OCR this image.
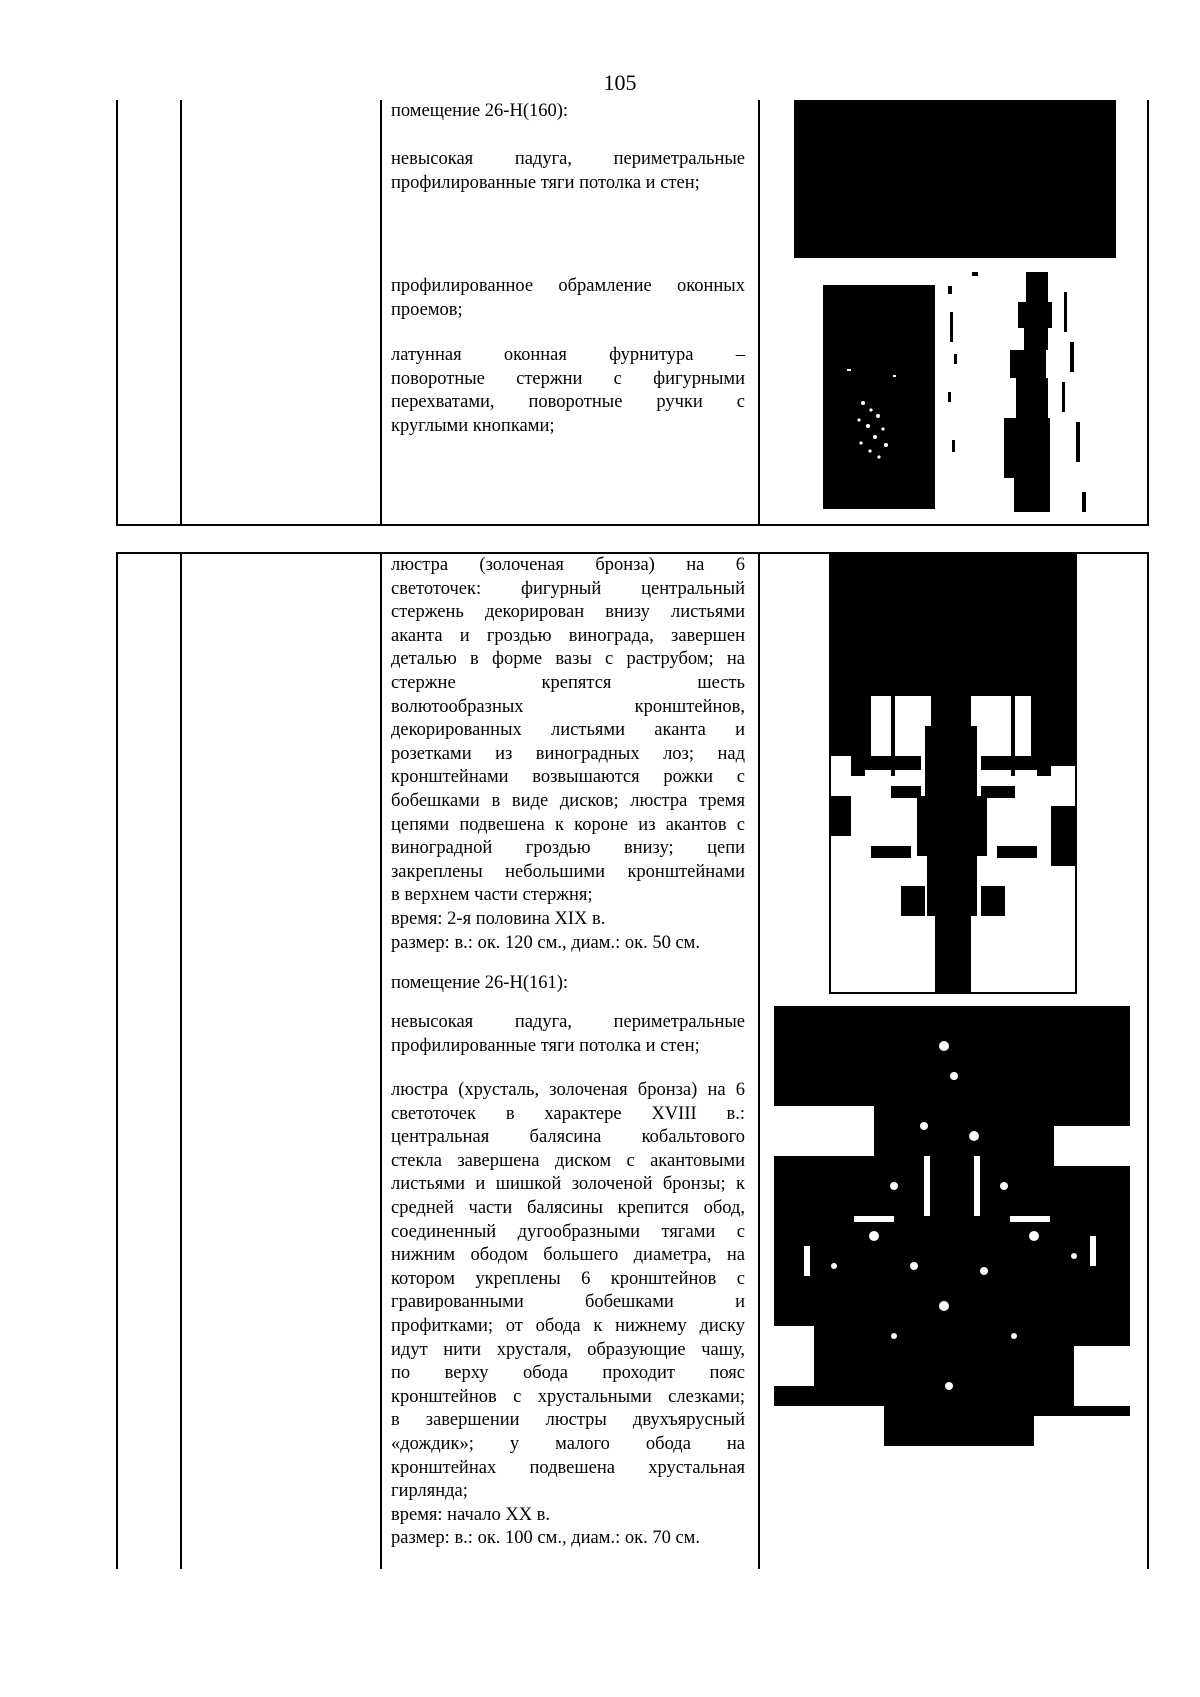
105
помещение 26-Н(160):

невысокая падуга, периметральные

профилированные тяги потолка и стен;

профилированное обрамление оконных

проемов;

латунная оконная фурнитура –

поворотные стержни с фигурными

перехватами, поворотные ручки с

круглыми кнопками;

люстра (золоченая бронза) на 6

светоточек: фигурный центральный

стержень декорирован внизу листьями

аканта и гроздью винограда, завершен

деталью в форме вазы с раструбом; на

стержне крепятся шесть

волютообразных кронштейнов,

декорированных листьями аканта и

розетками из виноградных лоз; над

кронштейнами возвышаются рожки с

бобешками в виде дисков; люстра тремя

цепями подвешена к короне из акантов с

виноградной гроздью внизу; цепи

закреплены небольшими кронштейнами

в верхнем части стержня;

время: 2-я половина XIX в.

размер: в.: ок. 120 см., диам.: ок. 50 см.

помещение 26-Н(161):

невысокая падуга, периметральные

профилированные тяги потолка и стен;

люстра (хрусталь, золоченая бронза) на 6

светоточек в характере XVIII в.:

центральная балясина кобальтового

стекла завершена диском с акантовыми

листьями и шишкой золоченой бронзы; к

средней части балясины крепится обод,

соединенный дугообразными тягами с

нижним ободом большего диаметра, на

котором укреплены 6 кронштейнов с

гравированными бобешками и

профитками; от обода к нижнему диску

идут нити хрусталя, образующие чашу,

по верху обода проходит пояс

кронштейнов с хрустальными слезками;

в завершении люстры двухъярусный

«дождик»; у малого обода на

кронштейнах подвешена хрустальная

гирлянда;

время: начало XX в.

размер: в.: ок. 100 см., диам.: ок. 70 см.
